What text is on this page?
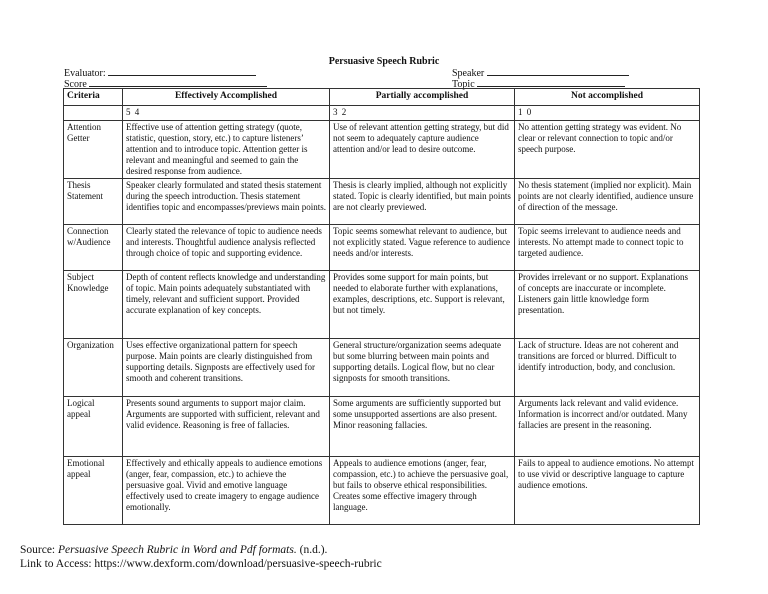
Persuasive Speech Rubric
Evaluator:
Score
Speaker
Topic
Criteria	Effectively Accomplished	Partially accomplished	Not accomplished
	5 4	3 2	1 0
Attention Getter	Effective use of attention getting strategy (quote, statistic, question, story, etc.) to capture listeners’ attention and to introduce topic. Attention getter is relevant and meaningful and seemed to gain the desired response from audience.	Use of relevant attention getting strategy, but did not seem to adequately capture audience attention and/or lead to desire outcome.	No attention getting strategy was evident. No clear or relevant connection to topic and/or speech purpose.
Thesis Statement	Speaker clearly formulated and stated thesis statement during the speech introduction. Thesis statement identifies topic and encompasses/previews main points.	Thesis is clearly implied, although not explicitly stated. Topic is clearly identified, but main points are not clearly previewed.	No thesis statement (implied nor explicit). Main points are not clearly identified, audience unsure of direction of the message.
Connection w/Audience	Clearly stated the relevance of topic to audience needs and interests. Thoughtful audience analysis reflected through choice of topic and supporting evidence.	Topic seems somewhat relevant to audience, but not explicitly stated. Vague reference to audience needs and/or interests.	Topic seems irrelevant to audience needs and interests. No attempt made to connect topic to targeted audience.
Subject Knowledge	Depth of content reflects knowledge and understanding of topic. Main points adequately substantiated with timely, relevant and sufficient support. Provided accurate explanation of key concepts.	Provides some support for main points, but needed to elaborate further with explanations, examples, descriptions, etc. Support is relevant, but not timely.	Provides irrelevant or no support. Explanations of concepts are inaccurate or incomplete. Listeners gain little knowledge form presentation.
Organization	Uses effective organizational pattern for speech purpose. Main points are clearly distinguished from supporting details. Signposts are effectively used for smooth and coherent transitions.	General structure/organization seems adequate but some blurring between main points and supporting details. Logical flow, but no clear signposts for smooth transitions.	Lack of structure. Ideas are not coherent and transitions are forced or blurred. Difficult to identify introduction, body, and conclusion.
Logical appeal	Presents sound arguments to support major claim. Arguments are supported with sufficient, relevant and valid evidence. Reasoning is free of fallacies.	Some arguments are sufficiently supported but some unsupported assertions are also present. Minor reasoning fallacies.	Arguments lack relevant and valid evidence. Information is incorrect and/or outdated. Many fallacies are present in the reasoning.
Emotional appeal	Effectively and ethically appeals to audience emotions (anger, fear, compassion, etc.) to achieve the persuasive goal. Vivid and emotive language effectively used to create imagery to engage audience emotionally.	Appeals to audience emotions (anger, fear, compassion, etc.) to achieve the persuasive goal, but fails to observe ethical responsibilities. Creates some effective imagery through language.	Fails to appeal to audience emotions. No attempt to use vivid or descriptive language to capture audience emotions.
Source: Persuasive Speech Rubric in Word and Pdf formats. (n.d.).
Link to Access: https://www.dexform.com/download/persuasive-speech-rubric
